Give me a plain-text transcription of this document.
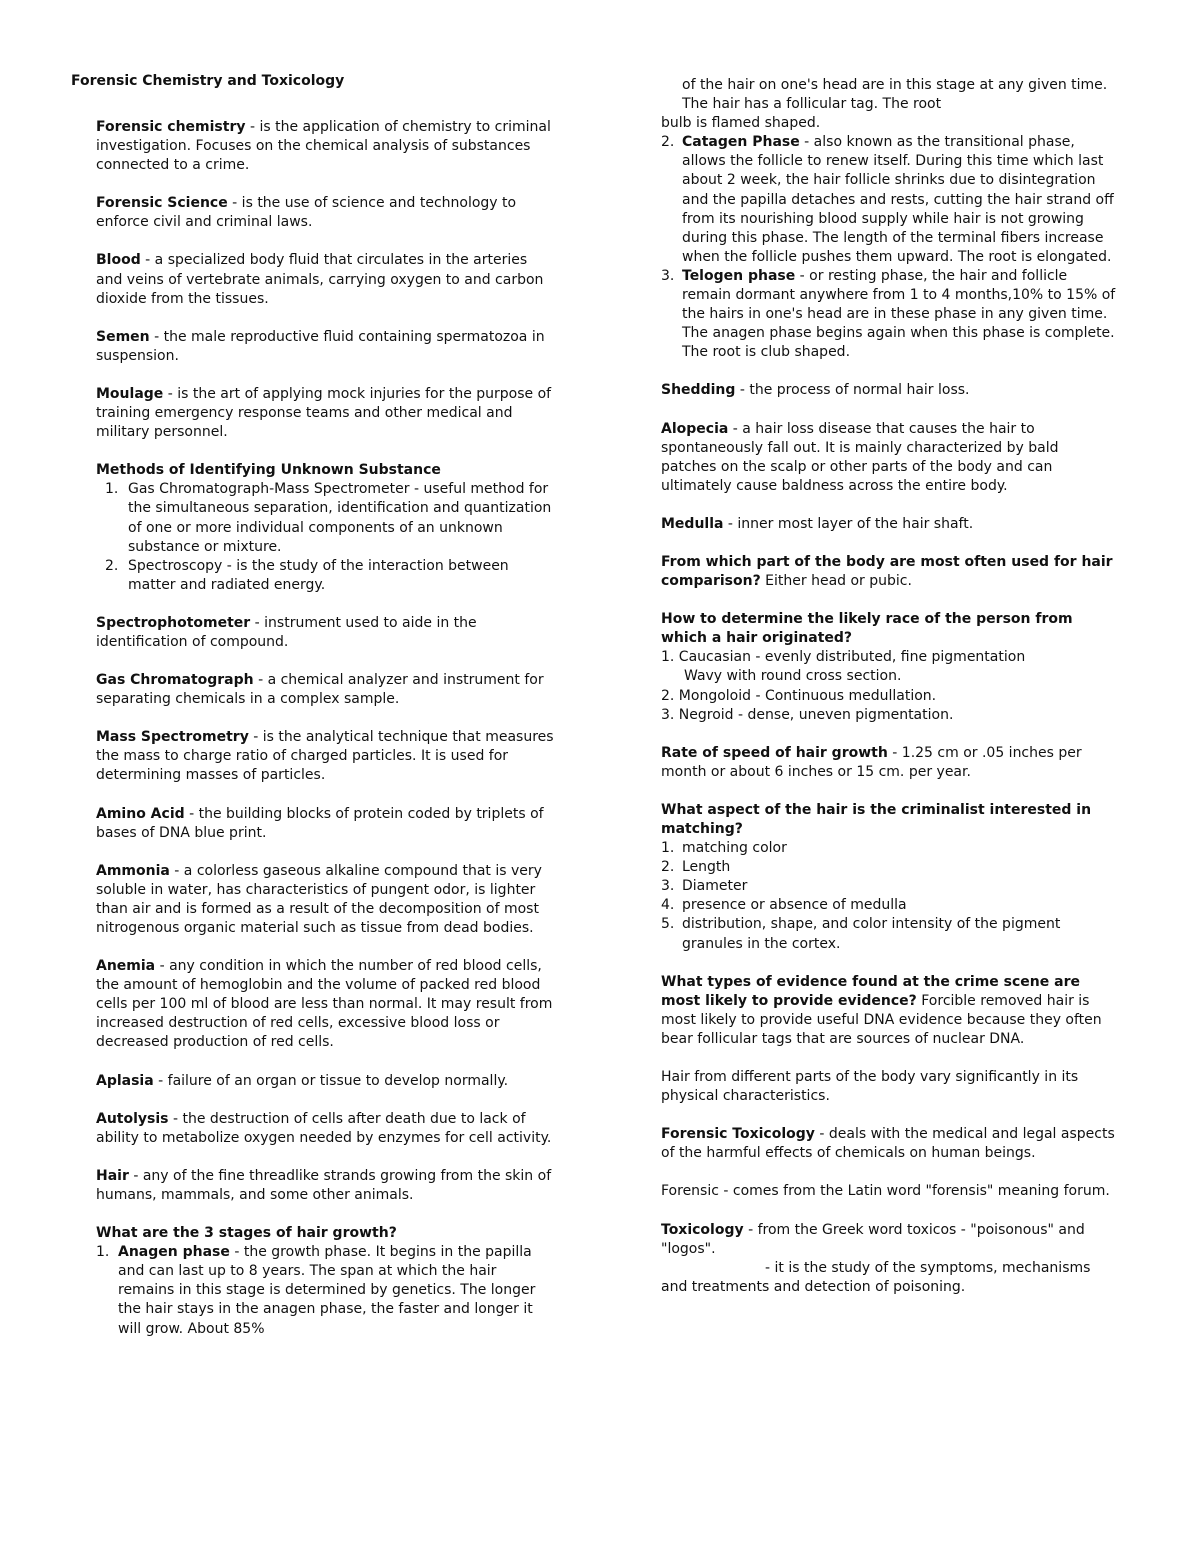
Forensic Chemistry and Toxicology

Forensic chemistry - is the application of chemistry to criminal investigation. Focuses on the chemical analysis of substances connected to a crime.

Forensic Science - is the use of science and technology to enforce civil and criminal laws.

Blood - a specialized body fluid that circulates in the arteries and veins of vertebrate animals, carrying oxygen to and carbon dioxide from the tissues.

Semen - the male reproductive fluid containing spermatozoa in suspension.

Moulage - is the art of applying mock injuries for the purpose of training emergency response teams and other medical and military personnel.

Methods of Identifying Unknown Substance

1. Gas Chromatograph-Mass Spectrometer - useful method for the simultaneous separation, identification and quantization of one or more individual components of an unknown substance or mixture.
2. Spectroscopy - is the study of the interaction between matter and radiated energy.

Spectrophotometer - instrument used to aide in the identification of compound.

Gas Chromatograph - a chemical analyzer and instrument for separating chemicals in a complex sample.

Mass Spectrometry - is the analytical technique that measures the mass to charge ratio of charged particles. It is used for determining masses of particles.

Amino Acid - the building blocks of protein coded by triplets of bases of DNA blue print.

Ammonia - a colorless gaseous alkaline compound that is very soluble in water, has characteristics of pungent odor, is lighter than air and is formed as a result of the decomposition of most nitrogenous organic material such as tissue from dead bodies.

Anemia - any condition in which the number of red blood cells, the amount of hemoglobin and the volume of packed red blood cells per 100 ml of blood are less than normal. It may result from increased destruction of red cells, excessive blood loss or decreased production of red cells.

Aplasia - failure of an organ or tissue to develop normally.

Autolysis - the destruction of cells after death due to lack of ability to metabolize oxygen needed by enzymes for cell activity.

Hair - any of the fine threadlike strands growing from the skin of humans, mammals, and some other animals.

What are the 3 stages of hair growth?

1. Anagen phase - the growth phase. It begins in the papilla and can last up to 8 years. The span at which the hair remains in this stage is determined by genetics. The longer the hair stays in the anagen phase, the faster and longer it will grow. About 85%

of the hair on one's head are in this stage at any given time. The hair has a follicular tag. The root

bulb is flamed shaped.

2. Catagen Phase - also known as the transitional phase, allows the follicle to renew itself. During this time which last about 2 week, the hair follicle shrinks due to disintegration and the papilla detaches and rests, cutting the hair strand off from its nourishing blood supply while hair is not growing during this phase. The length of the terminal fibers increase when the follicle pushes them upward. The root is elongated.
3. Telogen phase - or resting phase, the hair and follicle remain dormant anywhere from 1 to 4 months,10% to 15% of the hairs in one's head are in these phase in any given time. The anagen phase begins again when this phase is complete. The root is club shaped.

Shedding - the process of normal hair loss.

Alopecia - a hair loss disease that causes the hair to spontaneously fall out. It is mainly characterized by bald patches on the scalp or other parts of the body and can ultimately cause baldness across the entire body.

Medulla - inner most layer of the hair shaft.

From which part of the body are most often used for hair comparison? Either head or pubic.

How to determine the likely race of the person from which a hair originated?

1. Caucasian - evenly distributed, fine pigmentation

Wavy with round cross section.

2. Mongoloid - Continuous medullation.

3. Negroid - dense, uneven pigmentation.

Rate of speed of hair growth - 1.25 cm or .05 inches per month or about 6 inches or 15 cm. per year.

What aspect of the hair is the criminalist interested in matching?

1. matching color
2. Length
3. Diameter
4. presence or absence of medulla
5. distribution, shape, and color intensity of the pigment granules in the cortex.

What types of evidence found at the crime scene are most likely to provide evidence? Forcible removed hair is most likely to provide useful DNA evidence because they often bear follicular tags that are sources of nuclear DNA.

Hair from different parts of the body vary significantly in its physical characteristics.

Forensic Toxicology - deals with the medical and legal aspects of the harmful effects of chemicals on human beings.

Forensic - comes from the Latin word "forensis" meaning forum.

Toxicology - from the Greek word toxicos - "poisonous" and "logos".

- it is the study of the symptoms, mechanisms and treatments and detection of poisoning.
